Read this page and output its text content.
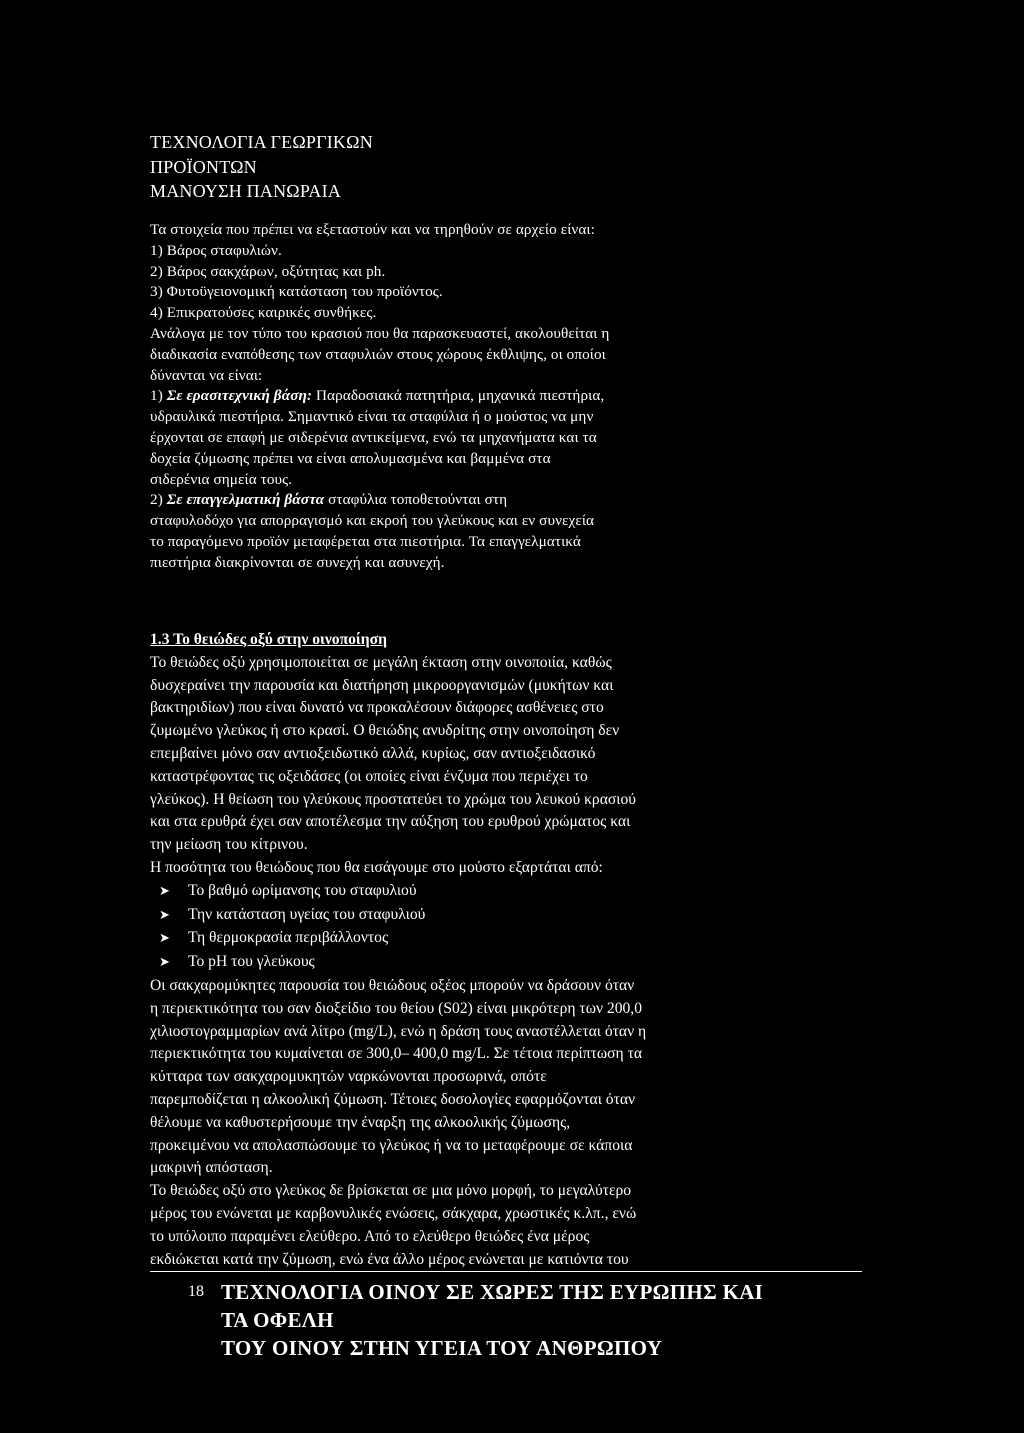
ΤΕΧΝΟΛΟΓΙΑ ΓΕΩΡΓΙΚΩΝ
ΠΡΟΪΟΝΤΩΝ
ΜΑΝΟΥΣΗ ΠΑΝΩΡΑΙΑ
Τα στοιχεία που πρέπει να εξεταστούν και να τηρηθούν σε αρχείο είναι:
1) Βάρος σταφυλιών.
2) Βάρος σακχάρων, οξύτητας και ph.
3) Φυτοϋγειονομική κατάσταση του προϊόντος.
4) Επικρατούσες καιρικές συνθήκες.
Ανάλογα με τον τύπο του κρασιού που θα παρασκευαστεί, ακολουθείται η
διαδικασία εναπόθεσης των σταφυλιών στους χώρους έκθλιψης, οι οποίοι
δύνανται να είναι:
1) Σε ερασιτεχνική βάση: Παραδοσιακά πατητήρια, μηχανικά πιεστήρια,
υδραυλικά πιεστήρια. Σημαντικό είναι τα σταφύλια ή ο μούστος να μην
έρχονται σε επαφή με σιδερένια αντικείμενα, ενώ τα μηχανήματα και τα
δοχεία ζύμωσης πρέπει να είναι απολυμασμένα και βαμμένα στα
σιδερένια σημεία τους.
2) Σε επαγγελματική βάστα σταφύλια τοποθετούνται στη
σταφυλοδόχο για απορραγισμό και εκροή του γλεύκους και εν συνεχεία
το παραγόμενο προϊόν μεταφέρεται στα πιεστήρια. Τα επαγγελματικά
πιεστήρια διακρίνονται σε συνεχή και ασυνεχή.
1.3 Το θειώδες οξύ στην οινοποίηση
Το θειώδες οξύ χρησιμοποιείται σε μεγάλη έκταση στην οινοποιία, καθώς
δυσχεραίνει την παρουσία και διατήρηση μικροοργανισμών (μυκήτων και
βακτηριδίων) που είναι δυνατό να προκαλέσουν διάφορες ασθένειες στο
ζυμωμένο γλεύκος ή στο κρασί. Ο θειώδης ανυδρίτης στην οινοποίηση δεν
επεμβαίνει μόνο σαν αντιοξειδωτικό αλλά, κυρίως, σαν αντιοξειδασικό
καταστρέφοντας τις οξειδάσες (οι οποίες είναι ένζυμα που περιέχει το
γλεύκος). Η θείωση του γλεύκους προστατεύει το χρώμα του λευκού κρασιού
και στα ερυθρά έχει σαν αποτέλεσμα την αύξηση του ερυθρού χρώματος και
την μείωση του κίτρινου.
Η ποσότητα του θειώδους που θα εισάγουμε στο μούστο εξαρτάται από:
➤ Το βαθμό ωρίμανσης του σταφυλιού
➤ Την κατάσταση υγείας του σταφυλιού
➤ Τη θερμοκρασία περιβάλλοντος
➤ Το pH του γλεύκους
Οι σακχαρομύκητες παρουσία του θειώδους οξέος μπορούν να δράσουν όταν
η περιεκτικότητα του σαν διοξείδιο του θείου (S02) είναι μικρότερη των 200,0
χιλιοστογραμμαρίων ανά λίτρο (mg/L), ενώ η δράση τους αναστέλλεται όταν η
περιεκτικότητα του κυμαίνεται σε 300,0– 400,0 mg/L. Σε τέτοια περίπτωση τα
κύτταρα των σακχαρομυκητών ναρκώνονται προσωρινά, οπότε
παρεμποδίζεται η αλκοολική ζύμωση. Τέτοιες δοσολογίες εφαρμόζονται όταν
θέλουμε να καθυστερήσουμε την έναρξη της αλκοολικής ζύμωσης,
προκειμένου να απολασπώσουμε το γλεύκος ή να το μεταφέρουμε σε κάποια
μακρινή απόσταση.
Το θειώδες οξύ στο γλεύκος δε βρίσκεται σε μια μόνο μορφή, το μεγαλύτερο
μέρος του ενώνεται με καρβονυλικές ενώσεις, σάκχαρα, χρωστικές κ.λπ., ενώ
το υπόλοιπο παραμένει ελεύθερο. Από το ελεύθερο θειώδες ένα μέρος
εκδιώκεται κατά την ζύμωση, ενώ ένα άλλο μέρος ενώνεται με κατιόντα του
18 ΤΕΧΝΟΛΟΓΙΑ ΟΙΝΟΥ ΣΕ ΧΩΡΕΣ ΤΗΣ ΕΥΡΩΠΗΣ ΚΑΙ
ΤΑ ΟΦΕΛΗ
ΤΟΥ ΟΙΝΟΥ ΣΤΗΝ ΥΓΕΙΑ ΤΟΥ ΑΝΘΡΩΠΟΥ
